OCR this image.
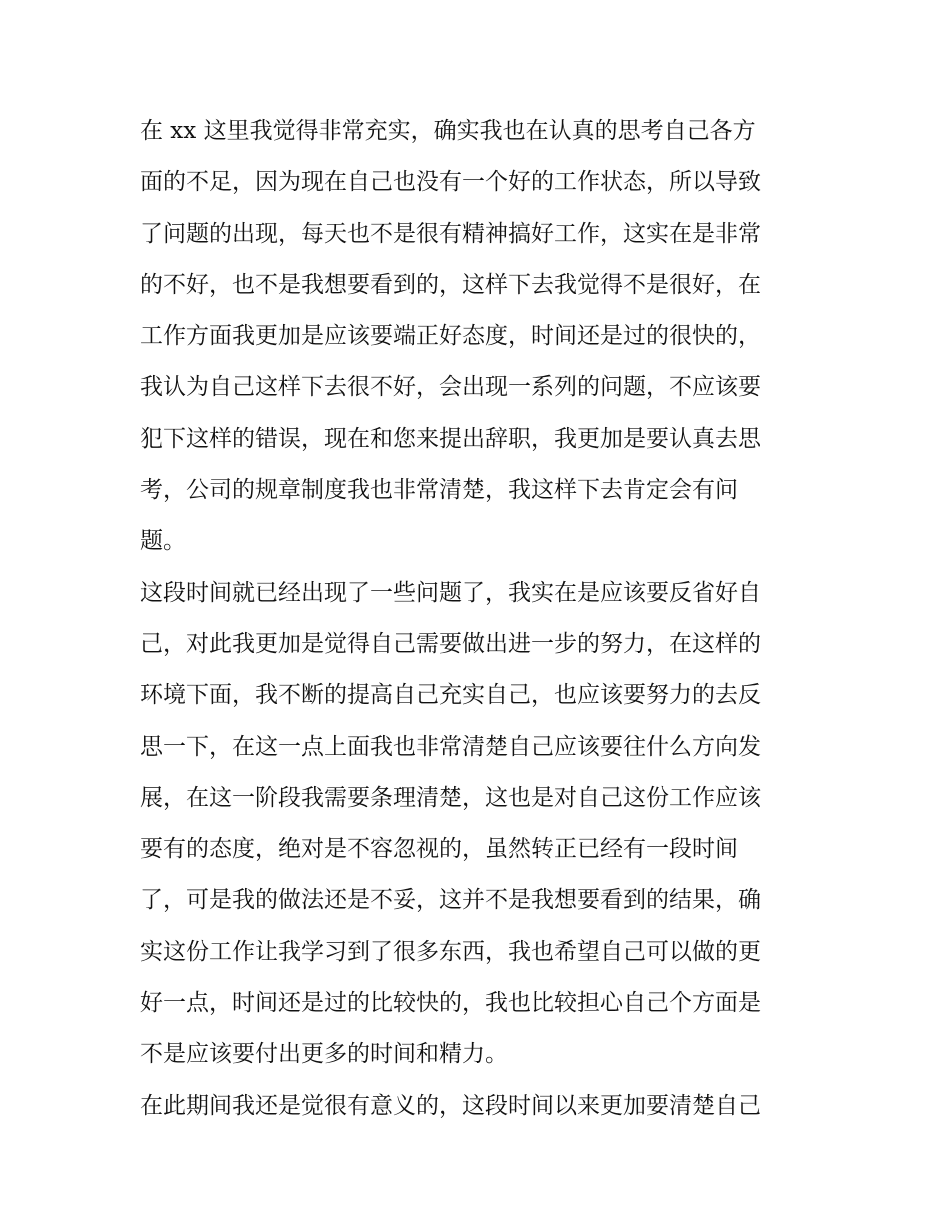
在 xx 这里我觉得非常充实，确实我也在认真的思考自己各方
面的不足，因为现在自己也没有一个好的工作状态，所以导致
了问题的出现，每天也不是很有精神搞好工作，这实在是非常
的不好，也不是我想要看到的，这样下去我觉得不是很好，在
工作方面我更加是应该要端正好态度，时间还是过的很快的，
我认为自己这样下去很不好，会出现一系列的问题，不应该要
犯下这样的错误，现在和您来提出辞职，我更加是要认真去思
考，公司的规章制度我也非常清楚，我这样下去肯定会有问
题。
这段时间就已经出现了一些问题了，我实在是应该要反省好自
己，对此我更加是觉得自己需要做出进一步的努力，在这样的
环境下面，我不断的提高自己充实自己，也应该要努力的去反
思一下，在这一点上面我也非常清楚自己应该要往什么方向发
展，在这一阶段我需要条理清楚，这也是对自己这份工作应该
要有的态度，绝对是不容忽视的，虽然转正已经有一段时间
了，可是我的做法还是不妥，这并不是我想要看到的结果，确
实这份工作让我学习到了很多东西，我也希望自己可以做的更
好一点，时间还是过的比较快的，我也比较担心自己个方面是
不是应该要付出更多的时间和精力。
在此期间我还是觉很有意义的，这段时间以来更加要清楚自己
